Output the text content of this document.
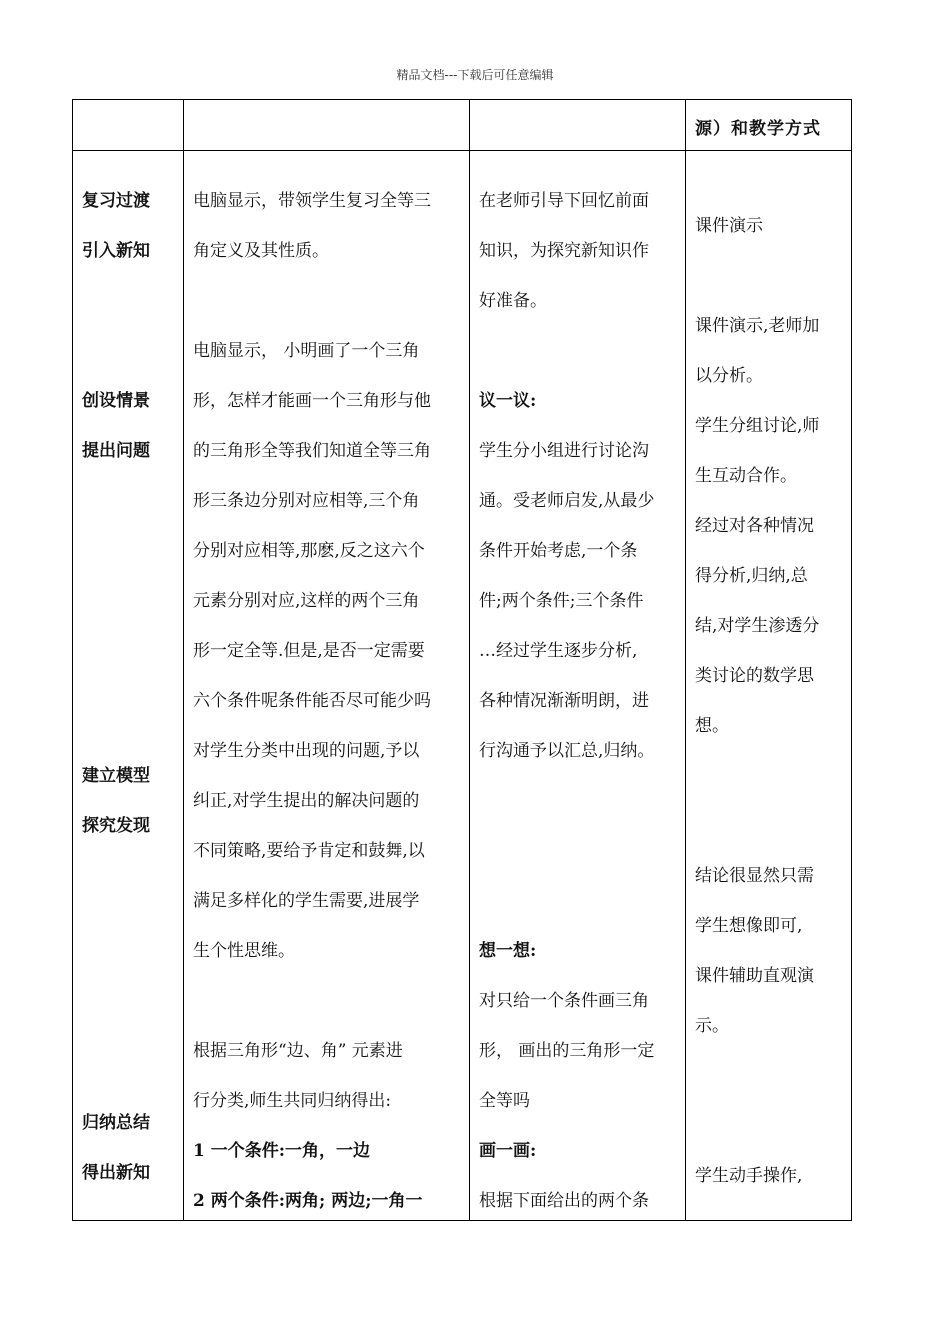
精品文档---下载后可任意编辑
源）和教学方式
复习过渡
引入新知
创设情景
提出问题
建立模型
探究发现
归纳总结
得出新知

电脑显示，带领学生复习全等三

角定义及其性质。

电脑显示， 小明画了一个三角

形，怎样才能画一个三角形与他

的三角形全等我们知道全等三角

形三条边分别对应相等,三个角

分别对应相等,那麽,反之这六个

元素分别对应,这样的两个三角

形一定全等.但是,是否一定需要

六个条件呢条件能否尽可能少吗

对学生分类中出现的问题,予以

纠正,对学生提出的解决问题的

不同策略,要给予肯定和鼓舞,以

满足多样化的学生需要,进展学

生个性思维。

根据三角形“边、角” 元素进

行分类,师生共同归纳得出:

1 一个条件:一角，一边

2 两个条件:两角; 两边;一角一

在老师引导下回忆前面

知识，为探究新知识作

好准备。

议一议:

学生分小组进行讨论沟

通。受老师启发,从最少

条件开始考虑,一个条

件;两个条件;三个条件

…经过学生逐步分析,

各种情况渐渐明朗，进

行沟通予以汇总,归纳。

想一想:

对只给一个条件画三角

形， 画出的三角形一定

全等吗

画一画:

根据下面给出的两个条

课件演示

课件演示,老师加

以分析。

学生分组讨论,师

生互动合作。

经过对各种情况

得分析,归纳,总

结,对学生渗透分

类讨论的数学思

想。

结论很显然只需

学生想像即可,

课件辅助直观演

示。

学生动手操作,
